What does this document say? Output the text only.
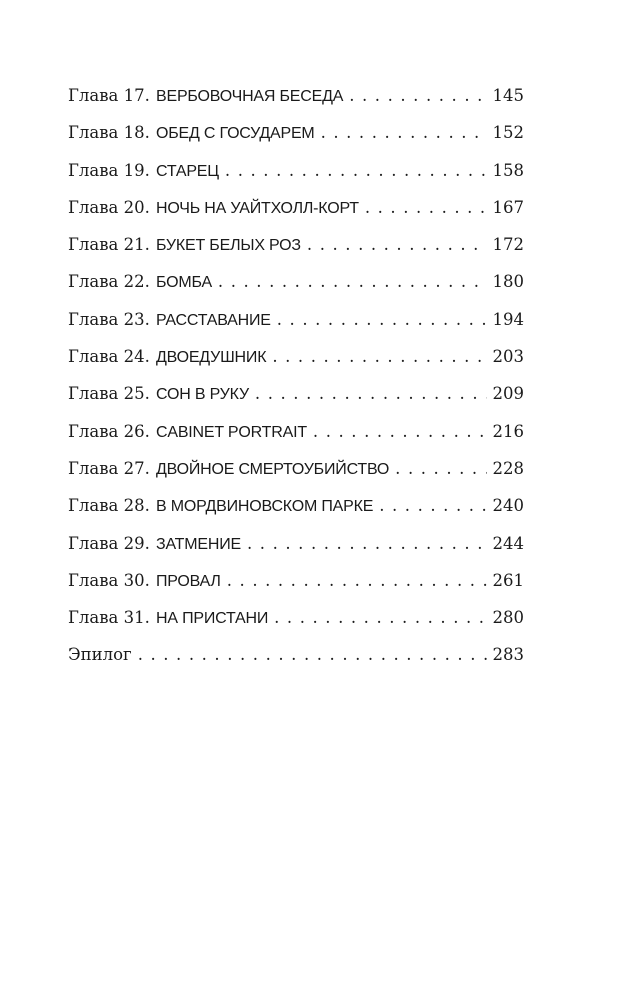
Глава 17. ВЕРБОВОЧНАЯ БЕСЕДА . . .	145
Глава 18. ОБЕД С ГОСУДАРЕМ . . .	152
Глава 19. СТАРЕЦ . . .	158
Глава 20. НОЧЬ НА УАЙТХОЛЛ-КОРТ . . .	167
Глава 21. БУКЕТ БЕЛЫХ РОЗ . . .	172
Глава 22. БОМБА . . .	180
Глава 23. РАССТАВАНИЕ . . .	194
Глава 24. ДВОЕДУШНИК . . .	203
Глава 25. СОН В РУКУ . . .	209
Глава 26. CABINET PORTRAIT . . .	216
Глава 27. ДВОЙНОЕ СМЕРТОУБИЙСТВО . . .	228
Глава 28. В МОРДВИНОВСКОМ ПАРКЕ . . .	240
Глава 29. ЗАТМЕНИЕ . . .	244
Глава 30. ПРОВАЛ . . .	261
Глава 31. НА ПРИСТАНИ . . .	280
Эпилог . . .	283
